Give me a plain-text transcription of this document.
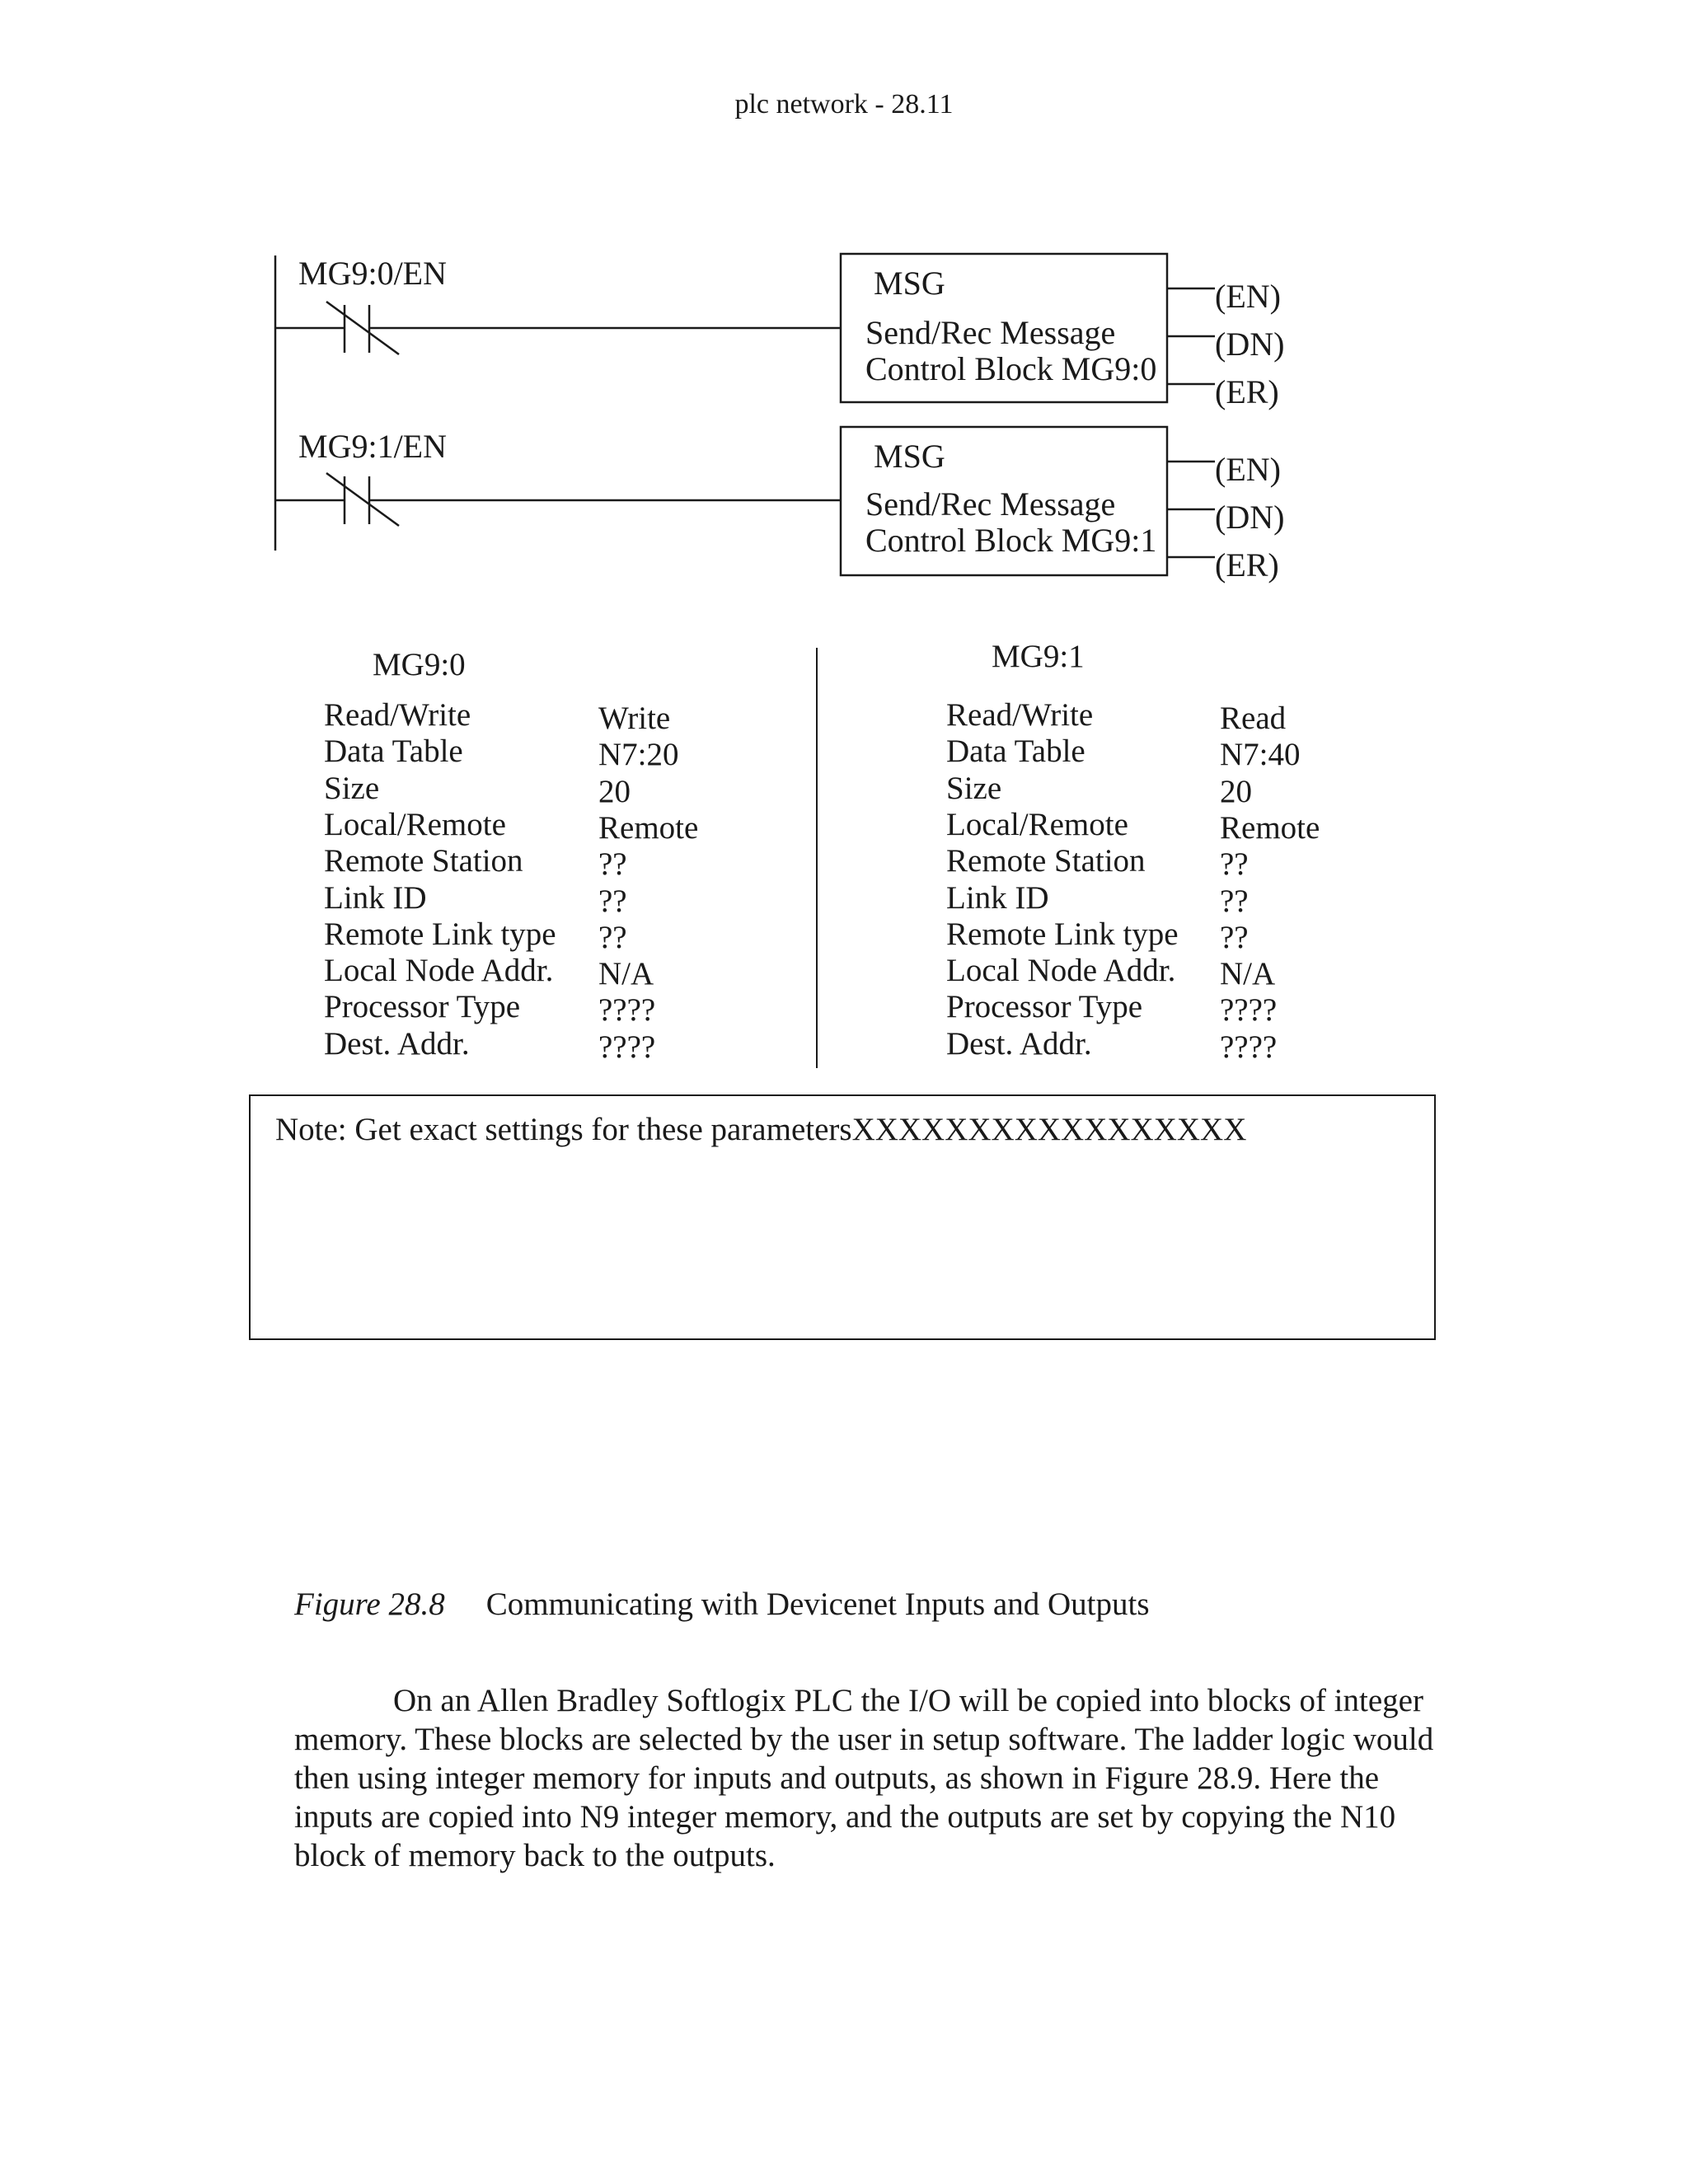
plc network - 28.11
MG9:0/EN	MSG
Send/Rec Message
Control Block MG9:0
(EN)
(DN)
(ER)
MG9:1/EN	MSG
Send/Rec Message
Control Block MG9:1
(EN)
(DN)
(ER)
MG9:0	MG9:1
Read/Write	Write
Data Table	N7:20
Size	20
Local/Remote	Remote
Remote Station ??
Link ID	??
Remote Link type ??
Local Node Addr. N/A
Processor Type ????
Dest. Addr.	????
Read/Write	Read
Data Table	N7:40
Size	20
Local/Remote	Remote
Remote Station ??
Link ID	??
Remote Link type ??
Local Node Addr. N/A
Processor Type ????
Dest. Addr.	????
Note: Get exact settings for these parametersXXXXXXXXXXXXXXXXX
Figure 28.8 Communicating with Devicenet Inputs and Outputs
On an Allen Bradley Softlogix PLC the I/O will be copied into blocks of integer memory. These blocks are selected by the user in setup software. The ladder logic would then using integer memory for inputs and outputs, as shown in Figure 28.9. Here the inputs are copied into N9 integer memory, and the outputs are set by copying the N10 block of memory back to the outputs.
